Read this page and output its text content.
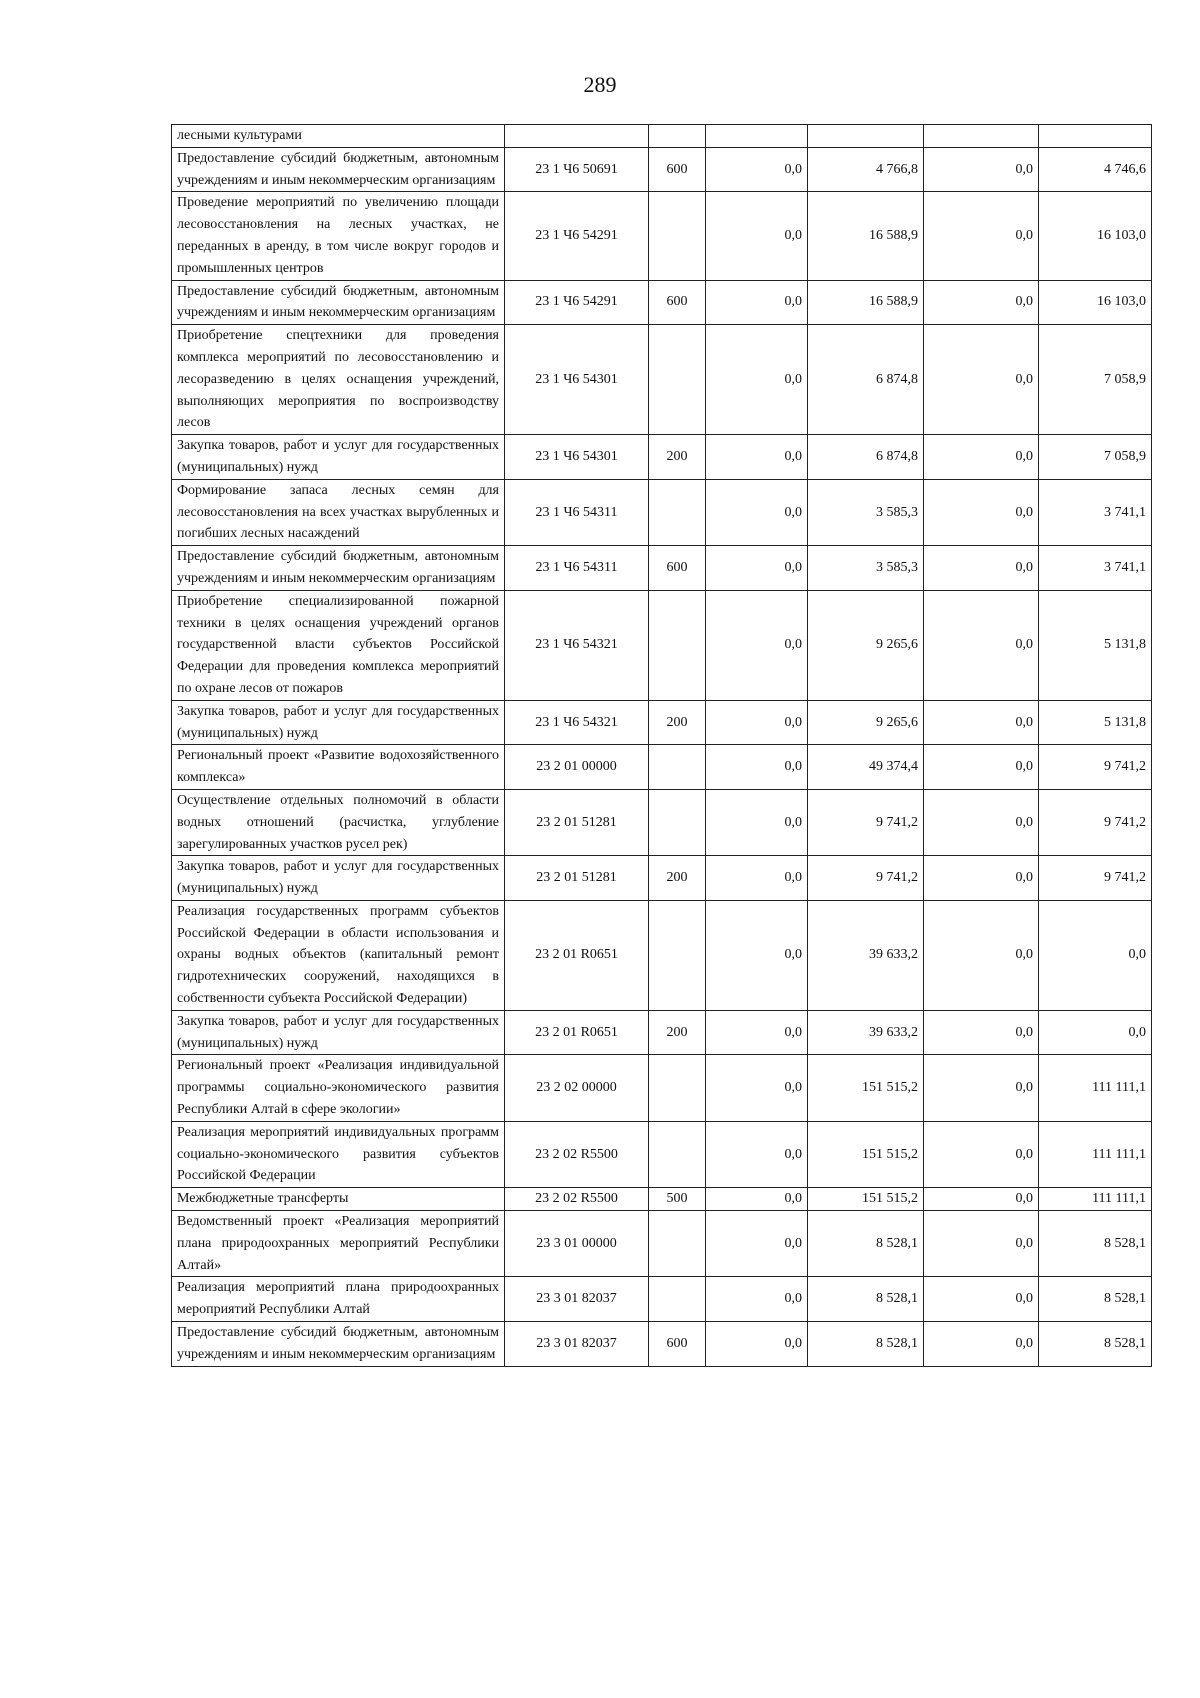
289
лесными культурами						
Предоставление субсидий бюджетным, автономным учреждениям и иным некоммерческим организациям	23 1 Ч6 50691	600	0,0	4 766,8	0,0	4 746,6
Проведение мероприятий по увеличению площади лесовосстановления на лесных участках, не переданных в аренду, в том числе вокруг городов и промышленных центров	23 1 Ч6 54291		0,0	16 588,9	0,0	16 103,0
Предоставление субсидий бюджетным, автономным учреждениям и иным некоммерческим организациям	23 1 Ч6 54291	600	0,0	16 588,9	0,0	16 103,0
Приобретение спецтехники для проведения комплекса мероприятий по лесовосстановлению и лесоразведению в целях оснащения учреждений, выполняющих мероприятия по воспроизводству лесов	23 1 Ч6 54301		0,0	6 874,8	0,0	7 058,9
Закупка товаров, работ и услуг для государственных (муниципальных) нужд	23 1 Ч6 54301	200	0,0	6 874,8	0,0	7 058,9
Формирование запаса лесных семян для лесовосстановления на всех участках вырубленных и погибших лесных насаждений	23 1 Ч6 54311		0,0	3 585,3	0,0	3 741,1
Предоставление субсидий бюджетным, автономным учреждениям и иным некоммерческим организациям	23 1 Ч6 54311	600	0,0	3 585,3	0,0	3 741,1
Приобретение специализированной пожарной техники в целях оснащения учреждений органов государственной власти субъектов Российской Федерации для проведения комплекса мероприятий по охране лесов от пожаров	23 1 Ч6 54321		0,0	9 265,6	0,0	5 131,8
Закупка товаров, работ и услуг для государственных (муниципальных) нужд	23 1 Ч6 54321	200	0,0	9 265,6	0,0	5 131,8
Региональный проект «Развитие водохозяйственного комплекса»	23 2 01 00000		0,0	49 374,4	0,0	9 741,2
Осуществление отдельных полномочий в области водных отношений (расчистка, углубление зарегулированных участков русел рек)	23 2 01 51281		0,0	9 741,2	0,0	9 741,2
Закупка товаров, работ и услуг для государственных (муниципальных) нужд	23 2 01 51281	200	0,0	9 741,2	0,0	9 741,2
Реализация государственных программ субъектов Российской Федерации в области использования и охраны водных объектов (капитальный ремонт гидротехнических сооружений, находящихся в собственности субъекта Российской Федерации)	23 2 01 R0651		0,0	39 633,2	0,0	0,0
Закупка товаров, работ и услуг для государственных (муниципальных) нужд	23 2 01 R0651	200	0,0	39 633,2	0,0	0,0
Региональный проект «Реализация индивидуальной программы социально-экономического развития Республики Алтай в сфере экологии»	23 2 02 00000		0,0	151 515,2	0,0	111 111,1
Реализация мероприятий индивидуальных программ социально-экономического развития субъектов Российской Федерации	23 2 02 R5500		0,0	151 515,2	0,0	111 111,1
Межбюджетные трансферты	23 2 02 R5500	500	0,0	151 515,2	0,0	111 111,1
Ведомственный проект «Реализация мероприятий плана природоохранных мероприятий Республики Алтай»	23 3 01 00000		0,0	8 528,1	0,0	8 528,1
Реализация мероприятий плана природоохранных мероприятий Республики Алтай	23 3 01 82037		0,0	8 528,1	0,0	8 528,1
Предоставление субсидий бюджетным, автономным учреждениям и иным некоммерческим организациям	23 3 01 82037	600	0,0	8 528,1	0,0	8 528,1
